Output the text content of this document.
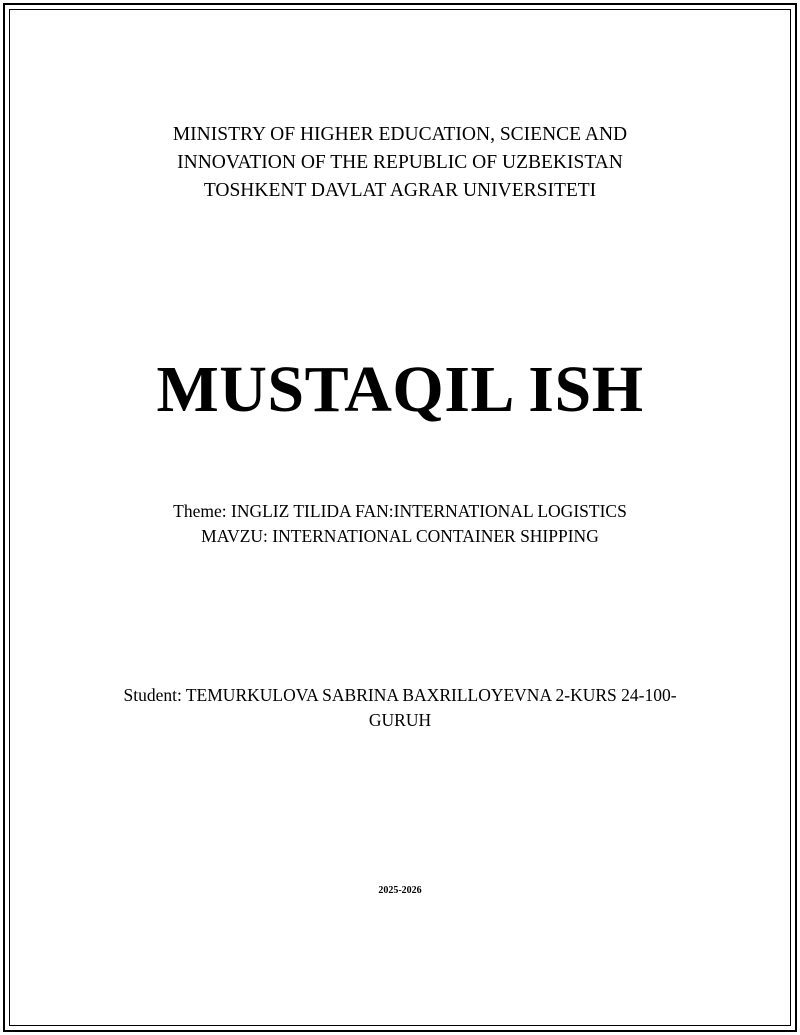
MINISTRY OF HIGHER EDUCATION, SCIENCE AND
INNOVATION OF THE REPUBLIC OF UZBEKISTAN
TOSHKENT DAVLAT AGRAR UNIVERSITETI
MUSTAQIL ISH
Theme: INGLIZ TILIDA FAN:INTERNATIONAL LOGISTICS
MAVZU: INTERNATIONAL CONTAINER SHIPPING
Student: TEMURKULOVA SABRINA BAXRILLOYEVNA 2-KURS 24-100-GURUH
2025-2026
